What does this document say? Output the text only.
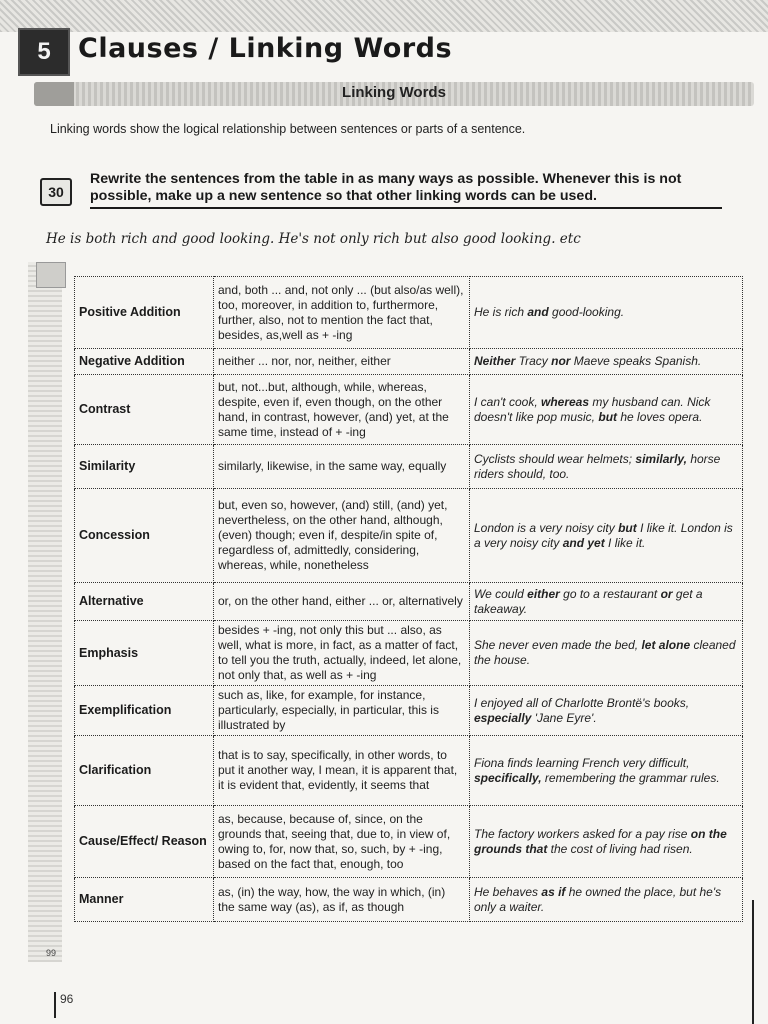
5	Clauses / Linking Words
Linking Words
Linking words show the logical relationship between sentences or parts of a sentence.
30
Rewrite the sentences from the table in as many ways as possible. Whenever this is not possible, make up a new sentence so that other linking words can be used.
He is both rich and good looking. He's not only rich but also good looking. etc
Positive Addition	and, both ... and, not only ... (but also/as well), too, moreover, in addition to, furthermore, further, also, not to mention the fact that, besides, as,well as + -ing	He is rich and good-looking.
Negative Addition	neither ... nor, nor, neither, either	Neither Tracy nor Maeve speaks Spanish.
Contrast	but, not...but, although, while, whereas, despite, even if, even though, on the other hand, in contrast, however, (and) yet, at the same time, instead of + -ing	I can't cook, whereas my husband can. Nick doesn't like pop music, but he loves opera.
Similarity	similarly, likewise, in the same way, equally	Cyclists should wear helmets; similarly, horse riders should, too.
Concession	but, even so, however, (and) still, (and) yet, nevertheless, on the other hand, although, (even) though; even if, despite/in spite of, regardless of, admittedly, considering, whereas, while, nonetheless	London is a very noisy city but I like it. London is a very noisy city and yet I like it.
Alternative	or, on the other hand, either ... or, alternatively	We could either go to a restaurant or get a takeaway.
Emphasis	besides + -ing, not only this but ... also, as well, what is more, in fact, as a matter of fact, to tell you the truth, actually, indeed, let alone, not only that, as well as + -ing	She never even made the bed, let alone cleaned the house.
Exemplification	such as, like, for example, for instance, particularly, especially, in particular, this is illustrated by	I enjoyed all of Charlotte Brontë's books, especially 'Jane Eyre'.
Clarification	that is to say, specifically, in other words, to put it another way, I mean, it is apparent that, it is evident that, evidently, it seems that	Fiona finds learning French very difficult, specifically, remembering the grammar rules.
Cause/Effect/ Reason	as, because, because of, since, on the grounds that, seeing that, due to, in view of, owing to, for, now that, so, such, by + -ing, based on the fact that, enough, too	The factory workers asked for a pay rise on the grounds that the cost of living had risen.
Manner	as, (in) the way, how, the way in which, (in) the same way (as), as if, as though	He behaves as if he owned the place, but he's only a waiter.
99
96
